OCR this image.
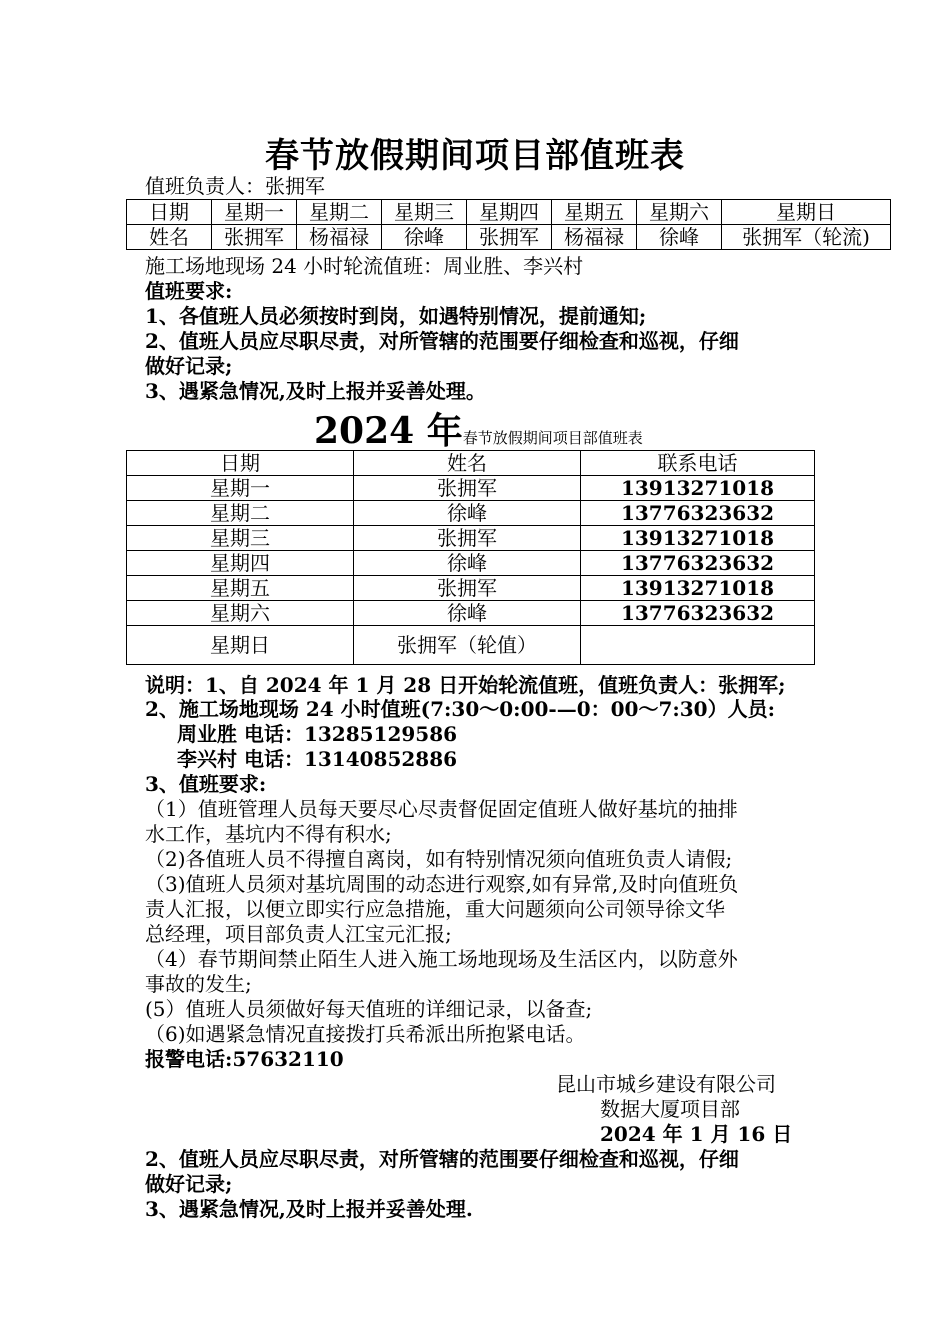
春节放假期间项目部值班表
值班负责人：张拥军
日期	星期一	星期二	星期三	星期四	星期五	星期六	星期日
姓名	张拥军	杨福禄	徐峰	张拥军	杨福禄	徐峰	张拥军（轮流)
施工场地现场 24 小时轮流值班：周业胜、李兴村
值班要求:
1、各值班人员必须按时到岗，如遇特别情况，提前通知;
2、值班人员应尽职尽责，对所管辖的范围要仔细检查和巡视，仔细
做好记录;
3、遇紧急情况,及时上报并妥善处理。
2024 年春节放假期间项目部值班表
日期	姓名	联系电话
星期一	张拥军	13913271018
星期二	徐峰	13776323632
星期三	张拥军	13913271018
星期四	徐峰	13776323632
星期五	张拥军	13913271018
星期六	徐峰	13776323632
星期日	张拥军（轮值）	
说明：1、自 2024 年 1 月 28 日开始轮流值班，值班负责人：张拥军;
2、施工场地现场 24 小时值班(7:30～0:00-—0：00～7:30）人员:
周业胜 电话：13285129586
李兴村 电话：13140852886
3、值班要求:
（1）值班管理人员每天要尽心尽责督促固定值班人做好基坑的抽排
水工作，基坑内不得有积水;
（2)各值班人员不得擅自离岗，如有特别情况须向值班负责人请假;
（3)值班人员须对基坑周围的动态进行观察,如有异常,及时向值班负
责人汇报，以便立即实行应急措施，重大问题须向公司领导徐文华
总经理，项目部负责人江宝元汇报;
（4）春节期间禁止陌生人进入施工场地现场及生活区内，以防意外
事故的发生;
(5）值班人员须做好每天值班的详细记录，以备查;
（6)如遇紧急情况直接拨打兵希派出所抱紧电话。
报警电话:57632110
昆山市城乡建设有限公司
数据大厦项目部
2024 年 1 月 16 日
2、值班人员应尽职尽责，对所管辖的范围要仔细检查和巡视，仔细
做好记录;
3、遇紧急情况,及时上报并妥善处理.
